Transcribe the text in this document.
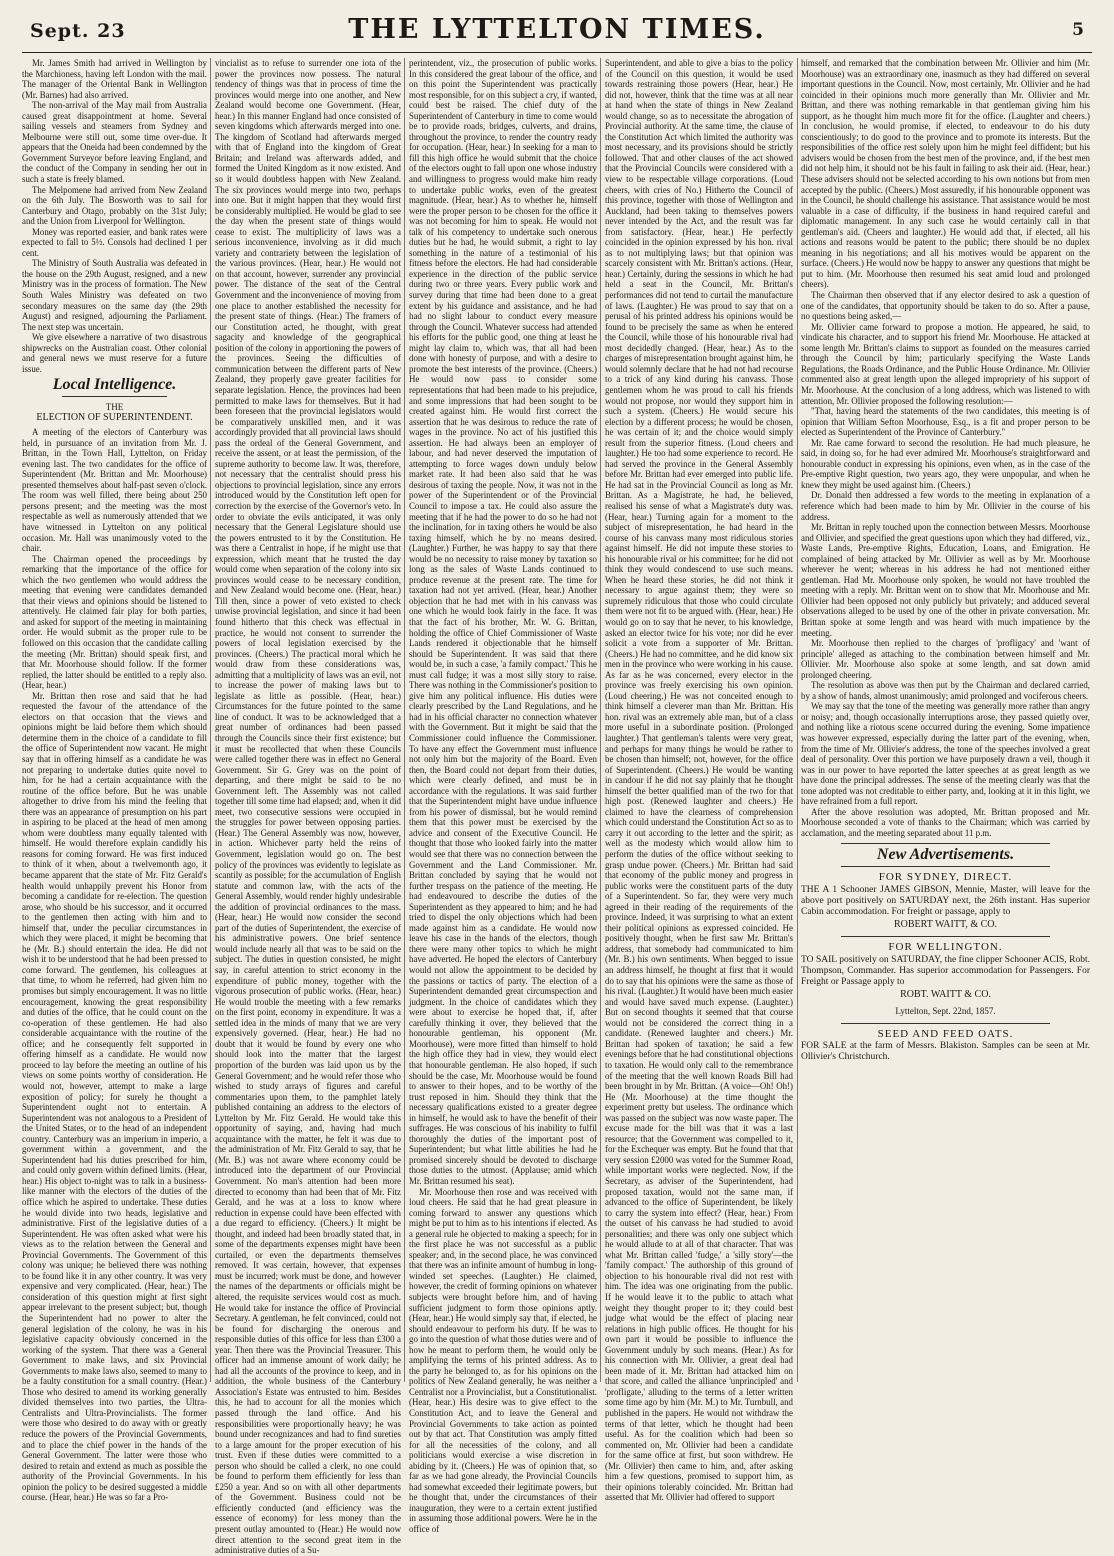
Sept. 23	THE LYTTELTON TIMES.	5

Mr. James Smith had arrived in Wellington by the Marchioness, having left London with the mail. The manager of the Oriental Bank in Wellington (Mr. Barnes) had also arrived.

The non-arrival of the May mail from Australia caused great disappointment at home. Several sailing vessels and steamers from Sydney and Melbourne were still out, some time over-due. It appears that the Oneida had been condemned by the Government Surveyor before leaving England, and the conduct of the Company in sending her out in such a state is freely blamed.

The Melpomene had arrived from New Zealand on the 6th July. The Bosworth was to sail for Canterbury and Otago, probably on the 31st July; and the Union from Liverpool for Wellington.

Money was reported easier, and bank rates were expected to fall to 5½. Consols had declined 1 per cent.

The Ministry of South Australia was defeated in the house on the 29th August, resigned, and a new Ministry was in the process of formation. The New South Wales Ministry was defeated on two secondary measures on the same day (the 29th August) and resigned, adjourning the Parliament. The next step was uncertain.

We give elsewhere a narrative of two disastrous shipwrecks on the Australian coast. Other colonial and general news we must reserve for a future issue.

Local Intelligence.
THE
ELECTION OF SUPERINTENDENT.

A meeting of the electors of Canterbury was held, in pursuance of an invitation from Mr. J. Brittan, in the Town Hall, Lyttelton, on Friday evening last. The two candidates for the office of Superintendent (Mr. Brittan and Mr. Moorhouse) presented themselves about half-past seven o'clock. The room was well filled, there being about 250 persons present; and the meeting was the most respectable as well as numerously attended that we have witnessed in Lyttelton on any political occasion. Mr. Hall was unanimously voted to the chair.

The Chairman opened the proceedings by remarking that the importance of the office for which the two gentlemen who would address the meeting that evening were candidates demanded that their views and opinions should be listened to attentively. He claimed fair play for both parties, and asked for support of the meeting in maintaining order. He would submit as the proper rule to be followed on this occasion that the candidate calling the meeting (Mr. Brittan) should speak first, and that Mr. Moorhouse should follow. If the former replied, the latter should be entitled to a reply also. (Hear, hear.)

Mr. Brittan then rose and said that he had requested the favour of the attendance of the electors on that occasion that the views and opinions might be laid before them which should determine them in the choice of a candidate to fill the office of Superintendent now vacant. He might say that in offering himself as a candidate he was not preparing to undertake duties quite novel to him, for he had a certain acquaintance with the routine of the office before. But he was unable altogether to drive from his mind the feeling that there was an appearance of presumption on his part in aspiring to be placed at the head of men among whom were doubtless many equally talented with himself. He would therefore explain candidly his reasons for coming forward. He was first induced to think of it when, about a twelvemonth ago, it became apparent that the state of Mr. Fitz Gerald's health would unhappily prevent his Honor from becoming a candidate for re-election. The question arose, who should be his successor, and it occurred to the gentlemen then acting with him and to himself that, under the peculiar circumstances in which they were placed, it might be becoming that he (Mr. B.) should entertain the idea. He did not wish it to be understood that he had been pressed to come forward. The gentlemen, his colleagues at that time, to whom he referred, had given him no promises but simply encouragement. It was no little encouragement, knowing the great responsibility and duties of the office, that he could count on the co-operation of these gentlemen. He had also considerable acquaintance with the routine of the office; and he consequently felt supported in offering himself as a candidate. He would now proceed to lay before the meeting an outline of his views on some points worthy of consideration. He would not, however, attempt to make a large exposition of policy; for surely he thought a Superintendent ought not to entertain. A Superintendent was not analogous to a President of the United States, or to the head of an independent country. Canterbury was an imperium in imperio, a government within a government, and the Superintendent had his duties prescribed for him, and could only govern within defined limits. (Hear, hear.) His object to-night was to talk in a business-like manner with the electors of the duties of the office which he aspired to undertake. These duties he would divide into two heads, legislative and administrative. First of the legislative duties of a Superintendent. He was often asked what were his views as to the relation between the General and Provincial Governments. The Government of this colony was unique; he believed there was nothing to be found like it in any other country. It was very expensive and very complicated. (Hear, hear.) The consideration of this question might at first sight appear irrelevant to the present subject; but, though the Superintendent had no power to alter the general legislation of the colony, he was in his legislative capacity obviously concerned in the working of the system. That there was a General Government to make laws, and six Provincial Governments to make laws also, seemed to many to be a faulty constitution for a small country. (Hear.) Those who desired to amend its working generally divided themselves into two parties, the Ultra-Centralists and Ultra-Provincialists. The former were those who desired to do away with or greatly reduce the powers of the Provincial Governments, and to place the chief power in the hands of the General Government. The latter were those who desired to retain and extend as much as possible the authority of the Provincial Governments. In his opinion the policy to be desired suggested a middle course. (Hear, hear.) He was so far a Pro-

vincialist as to refuse to surrender one iota of the power the provinces now possess. The natural tendency of things was that in process of time the provinces would merge into one another, and New Zealand would become one Government. (Hear, hear.) In this manner England had once consisted of seven kingdoms which afterwards merged into one. The kingdom of Scotland had afterwards merged with that of England into the kingdom of Great Britain; and Ireland was afterwards added, and formed the United Kingdom as it now existed. And so it would doubtless happen with New Zealand. The six provinces would merge into two, perhaps into one. But it might happen that they would first be considerably multiplied. He would be glad to see the day when the present state of things would cease to exist. The multiplicity of laws was a serious inconvenience, involving as it did much variety and contrariety between the legislation of the various provinces. (Hear, hear.) He would not on that account, however, surrender any provincial power. The distance of the seat of the Central Government and the inconvenience of moving from one place to another established the necessity for the present state of things. (Hear.) The framers of our Constitution acted, he thought, with great sagacity and knowledge of the geographical position of the colony in apportioning the powers of the provinces. Seeing the difficulties of communication between the different parts of New Zealand, they properly gave greater facilities for separate legislation. Hence, the provinces had been permitted to make laws for themselves. But it had been foreseen that the provincial legislators would be comparatively unskilled men, and it was accordingly provided that all provincial laws should pass the ordeal of the General Government, and receive the assent, or at least the permission, of the supreme authority to become law. It was, therefore, not necessary that the centralist should press his objections to provincial legislation, since any errors introduced would by the Constitution left open for correction by the exercise of the Governor's veto. In order to obviate the evils anticipated, it was only necessary that the General Legislature should use the powers entrusted to it by the Constitution. He was there a Centralist in hope, if he might use that expression, which meant that he trusted the day would come when separation of the colony into six provinces would cease to be necessary condition, and New Zealand would become one. (Hear, hear.) Till then, since a power of veto existed to check unwise provincial legislation, and since it had been found hitherto that this check was effectual in practice, he would not consent to surrender the powers of local legislation exercised by the provinces. (Cheers.) The practical moral which he would draw from these considerations was, admitting that a multiplicity of laws was an evil, not to increase the power of making laws but to legislate as little as possible. (Hear, hear.) Circumstances for the future pointed to the same line of conduct. It was to be acknowledged that a great number of ordinances had been passed through the Councils since their first existence; but it must be recollected that when these Councils were called together there was in effect no General Government. Sir G. Grey was on the point of departing, and there might be said to be no Government left. The Assembly was not called together till some time had elapsed; and, when it did meet, two consecutive sessions were occupied in the struggles for power between opposing parties. (Hear.) The General Assembly was now, however, in action. Whichever party held the reins of Government, legislation would go on. The best policy of the provinces was evidently to legislate as scantily as possible; for the accumulation of English statute and common law, with the acts of the General Assembly, would render highly undesirable the addition of provincial ordinances to the mass. (Hear, hear.) He would now consider the second part of the duties of Superintendent, the exercise of his administrative powers. One brief sentence would include nearly all that was to be said on the subject. The duties in question consisted, he might say, in careful attention to strict economy in the expenditure of public money, together with the vigorous prosecution of public works. (Hear, hear.) He would trouble the meeting with a few remarks on the first point, economy in expenditure. It was a settled idea in the minds of many that we are very expensively governed. (Hear, hear.) He had no doubt that it would be found by every one who should look into the matter that the largest proportion of the burden was laid upon us by the General Government; and he would refer those who wished to study arrays of figures and careful commentaries upon them, to the pamphlet lately published containing an address to the electors of Lyttelton by Mr. Fitz Gerald. He would take this opportunity of saying, and, having had much acquaintance with the matter, he felt it was due to the administration of Mr. Fitz Gerald to say, that he (Mr. B.) was not aware where economy could be introduced into the department of our Provincial Government. No man's attention had been more directed to economy than had been that of Mr. Fitz Gerald, and he was at a loss to know where reduction in expense could have been effected with a due regard to efficiency. (Cheers.) It might be thought, and indeed had been broadly stated that, in some of the departments expenses might have been curtailed, or even the departments themselves removed. It was certain, however, that expenses must be incurred; work must be done, and however the names of the departments or officials might be altered, the requisite services would cost as much. He would take for instance the office of Provincial Secretary. A gentleman, he felt convinced, could not be found for discharging the onerous and responsible duties of this office for less than £300 a year. Then there was the Provincial Treasurer. This officer had an immense amount of work daily; he had all the accounts of the province to keep, and in addition, the whole business of the Canterbury Association's Estate was entrusted to him. Besides this, he had to account for all the monies which passed through the land office. And his responsibilities were proportionally heavy; he was bound under recognizances and had to find sureties to a large amount for the proper execution of his trust. Even if these duties were committed to a person who should be called a clerk, no one could be found to perform them efficiently for less than £250 a year. And so on with all other departments of the Government. Business could not be efficiently conducted (and efficiency was the essence of economy) for less money than the present outlay amounted to (Hear.) He would now direct attention to the second great item in the administrative duties of a Su-

perintendent, viz., the prosecution of public works. In this considered the great labour of the office, and on this point the Superintendent was practically most responsible, for on this subject a cry, if wanted, could best be raised. The chief duty of the Superintendent of Canterbury in time to come would be to provide roads, bridges, culverts, and drains, throughout the province, to render the country ready for occupation. (Hear, hear.) In seeking for a man to fill this high office he would submit that the choice of the electors ought to fall upon one whose industry and willingness to progress would make him ready to undertake public works, even of the greatest magnitude. (Hear, hear.) As to whether he, himself were the proper person to be chosen for the office it was not becoming for him to speak. He would not talk of his competency to undertake such onerous duties but he had, he would submit, a right to lay something in the nature of a testimonial of his fitness before the electors. He had had considerable experience in the direction of the public service during two or three years. Every public work and survey during that time had been done to a great extent by his guidance and assistance, and he had had no slight labour to conduct every measure through the Council. Whatever success had attended his efforts for the public good, one thing at least he might lay claim to, which was, that all had been done with honesty of purpose, and with a desire to promote the best interests of the province. (Cheers.) He would now pass to consider some representations that had been made to his prejudice, and some impressions that had been sought to be created against him. He would first correct the assertion that he was desirous to reduce the rate of wages in the province. No act of his justified this assertion. He had always been an employer of labour, and had never deserved the imputation of attempting to force wages down unduly below market rate. It had been also said that he was desirous of taxing the people. Now, it was not in the power of the Superintendent or of the Provincial Council to impose a tax. He could also assure the meeting that if he had the power to do so he had not the inclination, for in taxing others he would be also taxing himself, which he by no means desired. (Laughter.) Further, he was happy to say that there would be no necessity to raise money by taxation so long as the sales of Waste Lands continued to produce revenue at the present rate. The time for taxation had not yet arrived. (Hear, hear.) Another objection that he had met with in his canvass was one which he would look fairly in the face. It was that the fact of his brother, Mr. W. G. Brittan, holding the office of Chief Commissioner of Waste Lands rendered it objectionable that he himself should be Superintendent. It was said that there would be, in such a case, 'a family compact.' This he must call fudge; it was a most silly story to raise. There was nothing in the Commissioner's position to give him any political influence. His duties were clearly prescribed by the Land Regulations, and he had in his official character no connection whatever with the Government. But it might be said that the Commissioner could influence the Commissioner. To have any effect the Government must influence not only him but the majority of the Board. Even then, the Board could not depart from their duties, which were clearly defined, and must be in accordance with the regulations. It was said further that the Superintendent might have undue influence from his power of dismissal, but he would remind them that this power must be exercised by the advice and consent of the Executive Council. He thought that those who looked fairly into the matter would see that there was no connection between the Government and the Land Commissioner. Mr. Brittan concluded by saying that he would not further trespass on the patience of the meeting. He had endeavoured to describe the duties of the Superintendent as they appeared to him; and he had tried to dispel the only objections which had been made against him as a candidate. He would now leave his case in the hands of the electors, though there were many other topics to which he might have adverted. He hoped the electors of Canterbury would not allow the appointment to be decided by the passions or tactics of party. The election of a Superintendent demanded great circumspection and judgment. In the choice of candidates which they were about to exercise he hoped that, if, after carefully thinking it over, they believed that the honourable gentleman, his opponent (Mr. Moorhouse), were more fitted than himself to hold the high office they had in view, they would elect that honourable gentleman. He also hoped, if such should be the case, Mr. Moorhouse would be found to answer to their hopes, and to be worthy of the trust reposed in him. Should they think that the necessary qualifications existed to a greater degree in himself, he would ask to have the benefit of their suffrages. He was conscious of his inability to fulfil thoroughly the duties of the important post of Superintendent; but what little abilities he had he promised sincerely should be devoted to discharge those duties to the utmost. (Applause; amid which Mr. Brittan resumed his seat).

Mr. Moorhouse then rose and was received with loud cheers. He said that he had great pleasure in coming forward to answer any questions which might be put to him as to his intentions if elected. As a general rule he objected to making a speech; for in the first place he was not successful as a public speaker; and, in the second place, he was convinced that there was an infinite amount of humbug in long-winded set speeches. (Laughter.) He claimed, however, the credit of forming opinions on whatever subjects were brought before him, and of having sufficient judgment to form those opinions aptly. (Hear, hear.) He would simply say that, if elected, he should endeavour to perform his duty. If he was to go into the question of what those duties were and of how he meant to perform them, he would only be amplifying the terms of his printed address. As to the party he belonged to, as for his opinions on the politics of New Zealand generally, he was neither a Centralist nor a Provincialist, but a Constitutionalist. (Hear, hear.) His desire was to give effect to the Constitution Act, and to leave the General and Provincial Governments to take action as pointed out by that act. That Constitution was amply fitted for all the necessities of the colony, and all politicians would exercise a wise discretion in abiding by it. (Cheers.) He was of opinion that, so far as we had gone already, the Provincial Councils had somewhat exceeded their legitimate powers, but he thought that, under the circumstances of their inauguration, they were to a certain extent justified in assuming those additional powers. Were he in the office of

Superintendent, and able to give a bias to the policy of the Council on this question, it would be used towards restraining those powers (Hear, hear.) He did not, however, think that the time was at all near at hand when the state of things in New Zealand would change, so as to necessitate the abrogation of Provincial authority. At the same time, the clause of the Constitution Act which limited the authority was most necessary, and its provisions should be strictly followed. That and other clauses of the act showed that the Provincial Councils were considered with a view to be respectable village corporations. (Loud cheers, with cries of No.) Hitherto the Council of this province, together with those of Wellington and Auckland, had been taking to themselves powers never intended by the Act, and the result was far from satisfactory. (Hear, hear.) He perfectly coincided in the opinion expressed by his hon. rival as to not multiplying laws; but that opinion was scarcely consistent with Mr. Brittan's actions. (Hear, hear.) Certainly, during the sessions in which he had held a seat in the Council, Mr. Brittan's performances did not tend to curtail the manufacture of laws. (Laughter.) He was proud to say that on a perusal of his printed address his opinions would be found to be precisely the same as when he entered the Council, while those of his honourable rival had most decidedly changed. (Hear, hear.) As to the charges of misrepresentation brought against him, he would solemnly declare that he had not had recourse to a trick of any kind during his canvass. Those gentlemen whom he was proud to call his friends would not propose, nor would they support him in such a system. (Cheers.) He would secure his election by a different process; he would be chosen, he was certain of it; and the choice would simply result from the superior fitness. (Loud cheers and laughter.) He too had some experience to record. He had served the province in the General Assembly before Mr. Brittan had ever emerged into public life. He had sat in the Provincial Council as long as Mr. Brittan. As a Magistrate, he had, he believed, realised his sense of what a Magistrate's duty was. (Hear, hear.) Turning again for a moment to the subject of misrepresentation, he had heard in the course of his canvass many most ridiculous stories against himself. He did not impute these stories to his honourable rival or his committee; for he did not think they would condescend to use such means. When he heard these stories, he did not think it necessary to argue against them; they were so supremely ridiculous that those who could circulate them were not fit to be argued with. (Hear, hear.) He would go on to say that he never, to his knowledge, asked an elector twice for his vote; nor did he ever solicit a vote from a supporter of Mr. Brittan. (Cheers.) He had no committee, and he did know six men in the province who were working in his cause. As far as he was concerned, every elector in the province was freely exercising his own opinion. (Loud cheering.) He was not conceited enough to think himself a cleverer man than Mr. Brittan. His hon. rival was an extremely able man, but of a class more useful in a subordinate position. (Prolonged laughter.) That gentleman's talents were very great, and perhaps for many things he would be rather to be chosen than himself; not, however, for the office of Superintendent. (Cheers.) He would be wanting in candour if he did not say plainly that he thought himself the better qualified man of the two for that high post. (Renewed laughter and cheers.) He claimed to have the clearness of comprehension which could understand the Constitution Act so as to carry it out according to the letter and the spirit; as well as the modesty which would allow him to perform the duties of the office without seeking to grasp undue power. (Cheers.) Mr. Brittan had said that economy of the public money and progress in public works were the constituent parts of the duty of a Superintendent. So far, they were very much agreed in their reading of the requirements of the province. Indeed, it was surprising to what an extent their political opinions as expressed coincided. He positively thought, when he first saw Mr. Brittan's address, that somebody had communicated to him (Mr. B.) his own sentiments. When begged to issue an address himself, he thought at first that it would do to say that his opinions were the same as those of his rival. (Laughter.) It would have been much easier and would have saved much expense. (Laughter.) But on second thoughts it seemed that that course would not be considered the correct thing in a candidate. (Renewed laughter and cheers.) Mr. Brittan had spoken of taxation; he said a few evenings before that he had constitutional objections to taxation. He would only call to the remembrance of the meeting that the well known Roads Bill had been brought in by Mr. Brittan. (A voice—Oh! Oh!) He (Mr. Moorhouse) at the time thought the experiment pretty but useless. The ordinance which was passed on the subject was now waste paper. The excuse made for the bill was that it was a last resource; that the Government was compelled to it, for the Exchequer was empty. But he found that that very session £2000 was voted for the Summer Road, while important works were neglected. Now, if the Secretary, as adviser of the Superintendent, had proposed taxation, would not the same man, if advanced to the office of Superintendent, be likely to carry the system into effect? (Hear, hear.) From the outset of his canvass he had studied to avoid personalities; and there was only one subject which he would allude to at all of that character. That was what Mr. Brittan called 'fudge,' a 'silly story'—the 'family compact.' The authorship of this ground of objection to his honourable rival did not rest with him. The idea was one originating from the public. If he would leave it to the public to attach what weight they thought proper to it; they could best judge what would be the effect of placing near relations in high public offices. He thought for his own part it would be possible to influence the Government unduly by such means. (Hear.) As for his connection with Mr. Ollivier, a great deal had been made of it. Mr. Brittan had attacked him on that score, and called the alliance 'unprincipled' and 'profligate,' alluding to the terms of a letter written some time ago by him (Mr. M.) to Mr. Turnbull, and published in the papers. He would not withdraw the terms of that letter, which he thought had been useful. As for the coalition which had been so commented on, Mr. Ollivier had been a candidate for the same office at first, but soon withdrew. He (Mr. Ollivier) then came to him, and, after asking him a few questions, promised to support him, as their opinions tolerably coincided. Mr. Brittan had asserted that Mr. Ollivier had offered to support

himself, and remarked that the combination between Mr. Ollivier and him (Mr. Moorhouse) was an extraordinary one, inasmuch as they had differed on several important questions in the Council. Now, most certainly, Mr. Ollivier and he had coincided in their opinions much more generally than Mr. Ollivier and Mr. Brittan, and there was nothing remarkable in that gentleman giving him his support, as he thought him much more fit for the office. (Laughter and cheers.) In conclusion, he would promise, if elected, to endeavour to do his duty conscientiously; to do good to the province and to promote its interests. But the responsibilities of the office rest solely upon him he might feel diffident; but his advisers would be chosen from the best men of the province, and, if the best men did not help him, it should not be his fault in failing to ask their aid. (Hear, hear.) These advisers should not be selected according to his own notions but from men accepted by the public. (Cheers.) Most assuredly, if his honourable opponent was in the Council, he should challenge his assistance. That assistance would be most valuable in a case of difficulty, if the business in hand required careful and diplomatic management. In any such case he would certainly call in that gentleman's aid. (Cheers and laughter.) He would add that, if elected, all his actions and reasons would be patent to the public; there should be no duplex meaning in his negotiations; and all his motives would be apparent on the surface. (Cheers.) He would now be happy to answer any questions that might be put to him. (Mr. Moorhouse then resumed his seat amid loud and prolonged cheers).

The Chairman then observed that if any elector desired to ask a question of one of the candidates, that opportunity should be taken to do so. After a pause, no questions being asked,—

Mr. Ollivier came forward to propose a motion. He appeared, he said, to vindicate his character, and to support his friend Mr. Moorhouse. He attacked at some length Mr. Brittan's claims to support as founded on the measures carried through the Council by him; particularly specifying the Waste Lands Regulations, the Roads Ordinance, and the Public House Ordinance. Mr. Ollivier commented also at great length upon the alleged impropriety of his support of Mr. Moorhouse. At the conclusion of a long address, which was listened to with attention, Mr. Ollivier proposed the following resolution:—

"That, having heard the statements of the two candidates, this meeting is of opinion that William Sefton Moorhouse, Esq., is a fit and proper person to be elected as Superintendent of the Province of Canterbury."

Mr. Rae came forward to second the resolution. He had much pleasure, he said, in doing so, for he had ever admired Mr. Moorhouse's straightforward and honourable conduct in expressing his opinions, even when, as in the case of the Pre-emptive Right question, two years ago, they were unpopular, and when he knew they might be used against him. (Cheers.)

Dr. Donald then addressed a few words to the meeting in explanation of a reference which had been made to him by Mr. Ollivier in the course of his address.

Mr. Brittan in reply touched upon the connection between Messrs. Moorhouse and Ollivier, and specified the great questions upon which they had differed, viz., Waste Lands, Pre-emptive Rights, Education, Loans, and Emigration. He complained of being attacked by Mr. Ollivier as well as by Mr. Moorhouse wherever he went; whereas in his address he had not mentioned either gentleman. Had Mr. Moorhouse only spoken, he would not have troubled the meeting with a reply. Mr. Brittan went on to show that Mr. Moorhouse and Mr. Ollivier had been opposed not only publicly but privately; and adduced several observations alleged to be used by one of the other in private conversation. Mr. Brittan spoke at some length and was heard with much impatience by the meeting.

Mr. Moorhouse then replied to the charges of 'profligacy' and 'want of principle' alleged as attaching to the combination between himself and Mr. Ollivier. Mr. Moorhouse also spoke at some length, and sat down amid prolonged cheering.

The resolution as above was then put by the Chairman and declared carried, by a show of hands, almost unanimously; amid prolonged and vociferous cheers.

We may say that the tone of the meeting was generally more rather than angry or noisy; and, though occasionally interruptions arose, they passed quietly over, and nothing like a riotous scene occurred during the evening. Some impatience was however expressed, especially during the latter part of the evening, when, from the time of Mr. Ollivier's address, the tone of the speeches involved a great deal of personality. Over this portion we have purposely drawn a veil, though it was in our power to have reported the latter speeches at as great length as we have done the principal addresses. The sense of the meeting clearly was that the tone adopted was not creditable to either party, and, looking at it in this light, we have refrained from a full report.

After the above resolution was adopted, Mr. Brittan proposed and Mr. Moorhouse seconded a vote of thanks to the Chairman; which was carried by acclamation, and the meeting separated about 11 p.m.

New Advertisements.
FOR SYDNEY, DIRECT.

THE A 1 Schooner JAMES GIBSON, Mennie, Master, will leave for the above port positively on SATURDAY next, the 26th instant. Has superior Cabin accommodation. For freight or passage, apply to

ROBERT WAITT, & CO.
FOR WELLINGTON.

TO SAIL positively on SATURDAY, the fine clipper Schooner ACIS, Robt. Thompson, Commander. Has superior accommodation for Passengers. For Freight or Passage apply to

ROBT. WAITT & CO.
Lyttelton, Sept. 22nd, 1857.
SEED AND FEED OATS.

FOR SALE at the farm of Messrs. Blakiston. Samples can be seen at Mr. Ollivier's Christchurch.
